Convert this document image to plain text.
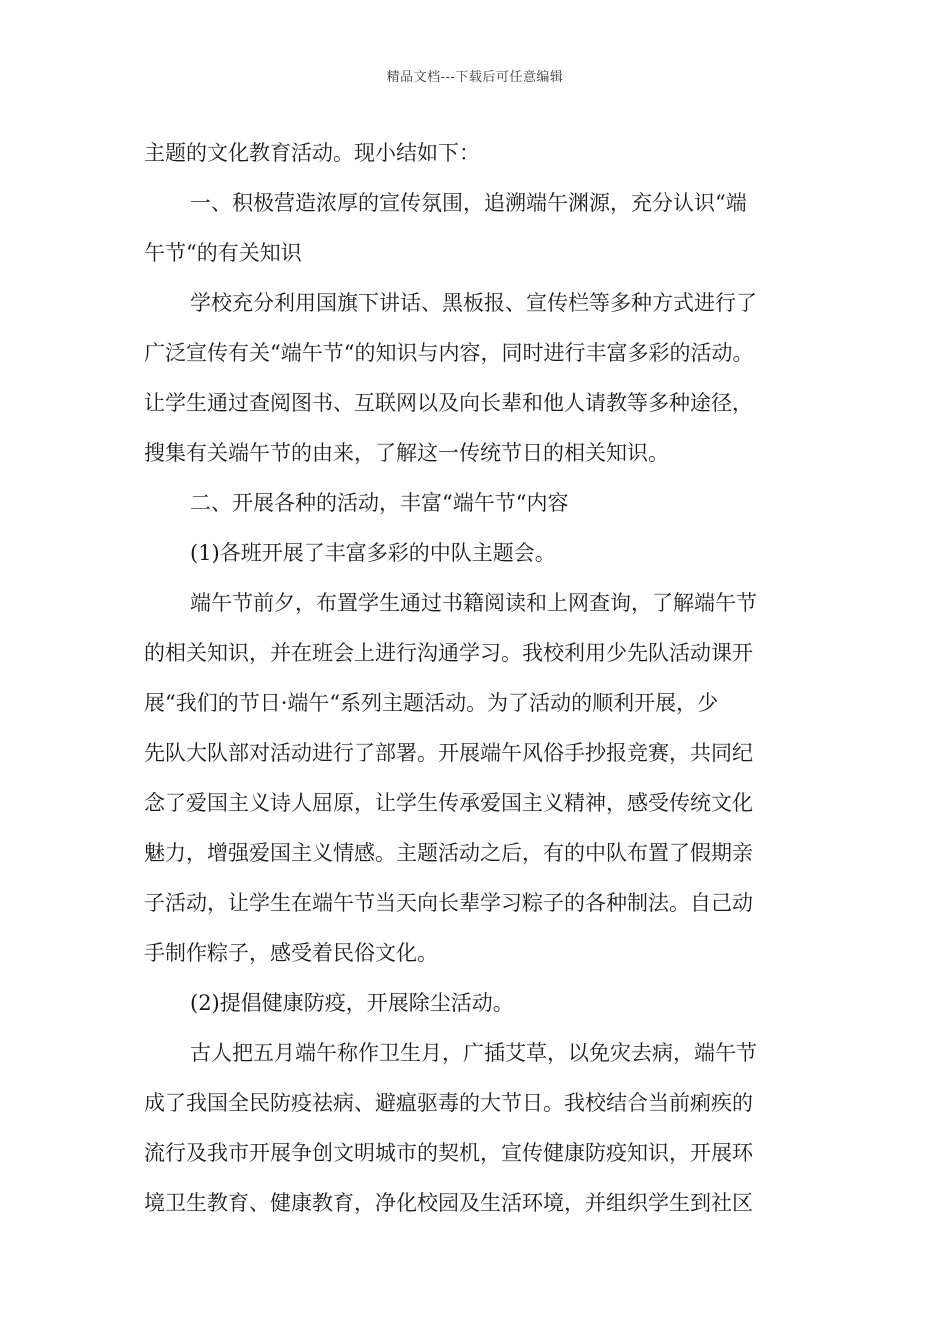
精品文档---下载后可任意编辑
主题的文化教育活动。现小结如下：
一、积极营造浓厚的宣传氛围，追溯端午渊源，充分认识“端
午节“的有关知识
学校充分利用国旗下讲话、黑板报、宣传栏等多种方式进行了
广泛宣传有关“端午节“的知识与内容，同时进行丰富多彩的活动。
让学生通过查阅图书、互联网以及向长辈和他人请教等多种途径，
搜集有关端午节的由来，了解这一传统节日的相关知识。
二、开展各种的活动，丰富“端午节“内容
(1)各班开展了丰富多彩的中队主题会。
端午节前夕，布置学生通过书籍阅读和上网查询，了解端午节
的相关知识，并在班会上进行沟通学习。我校利用少先队活动课开
展“我们的节日·端午“系列主题活动。为了活动的顺利开展，少
先队大队部对活动进行了部署。开展端午风俗手抄报竞赛，共同纪
念了爱国主义诗人屈原，让学生传承爱国主义精神，感受传统文化
魅力，增强爱国主义情感。主题活动之后，有的中队布置了假期亲
子活动，让学生在端午节当天向长辈学习粽子的各种制法。自己动
手制作粽子，感受着民俗文化。
(2)提倡健康防疫，开展除尘活动。
古人把五月端午称作卫生月，广插艾草，以免灾去病，端午节
成了我国全民防疫祛病、避瘟驱毒的大节日。我校结合当前痢疾的
流行及我市开展争创文明城市的契机，宣传健康防疫知识，开展环
境卫生教育、健康教育，净化校园及生活环境，并组织学生到社区
